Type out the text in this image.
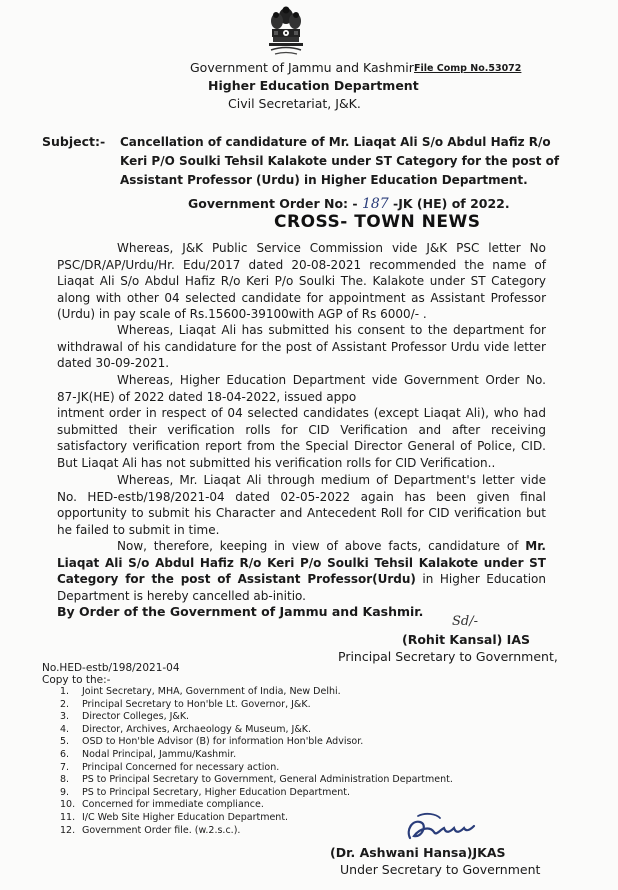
Government of Jammu and Kashmir File Comp No.53072
Higher Education Department
Civil Secretariat, J&K.
Subject:- Cancellation of candidature of Mr. Liaqat Ali S/o Abdul Hafiz R/o
Keri P/O Soulki Tehsil Kalakote under ST Category for the post of
Assistant Professor (Urdu) in Higher Education Department.
Government Order No: - 187 -JK (HE) of 2022.
CROSS- TOWN NEWS
Whereas, J&K Public Service Commission vide J&K PSC letter No PSC/DR/AP/Urdu/Hr. Edu/2017 dated 20-08-2021 recommended the name of Liaqat Ali S/o Abdul Hafiz R/o Keri P/o Soulki The. Kalakote under ST Category along with other 04 selected candidate for appointment as Assistant Professor (Urdu) in pay scale of Rs.15600-39100with AGP of Rs 6000/- .
Whereas, Liaqat Ali has submitted his consent to the department for withdrawal of his candidature for the post of Assistant Professor Urdu vide letter dated 30-09-2021.
Whereas, Higher Education Department vide Government Order No. 87-JK(HE) of 2022 dated 18-04-2022, issued appo
intment order in respect of 04 selected candidates (except Liaqat Ali), who had submitted their verification rolls for CID Verification and after receiving satisfactory verification report from the Special Director General of Police, CID. But Liaqat Ali has not submitted his verification rolls for CID Verification..
Whereas, Mr. Liaqat Ali through medium of Department's letter vide No. HED-estb/198/2021-04 dated 02-05-2022 again has been given final opportunity to submit his Character and Antecedent Roll for CID verification but he failed to submit in time.
Now, therefore, keeping in view of above facts, candidature of Mr. Liaqat Ali S/o Abdul Hafiz R/o Keri P/o Soulki Tehsil Kalakote under ST Category for the post of Assistant Professor(Urdu) in Higher Education Department is hereby cancelled ab-initio.
By Order of the Government of Jammu and Kashmir.
Sd/-
(Rohit Kansal) IAS
Principal Secretary to Government,
No.HED-estb/198/2021-04
Copy to the:-
1.	Joint Secretary, MHA, Government of India, New Delhi.
2.	Principal Secretary to Hon'ble Lt. Governor, J&K.
3.	Director Colleges, J&K.
4.	Director, Archives, Archaeology & Museum, J&K.
5.	OSD to Hon'ble Advisor (B) for information Hon'ble Advisor.
6.	Nodal Principal, Jammu/Kashmir.
7.	Principal Concerned for necessary action.
8.	PS to Principal Secretary to Government, General Administration Department.
9.	PS to Principal Secretary, Higher Education Department.
10. Concerned for immediate compliance.
11. I/C Web Site Higher Education Department.
12. Government Order file. (w.2.s.c.).
(Dr. Ashwani Hansa)JKAS
Under Secretary to Government
